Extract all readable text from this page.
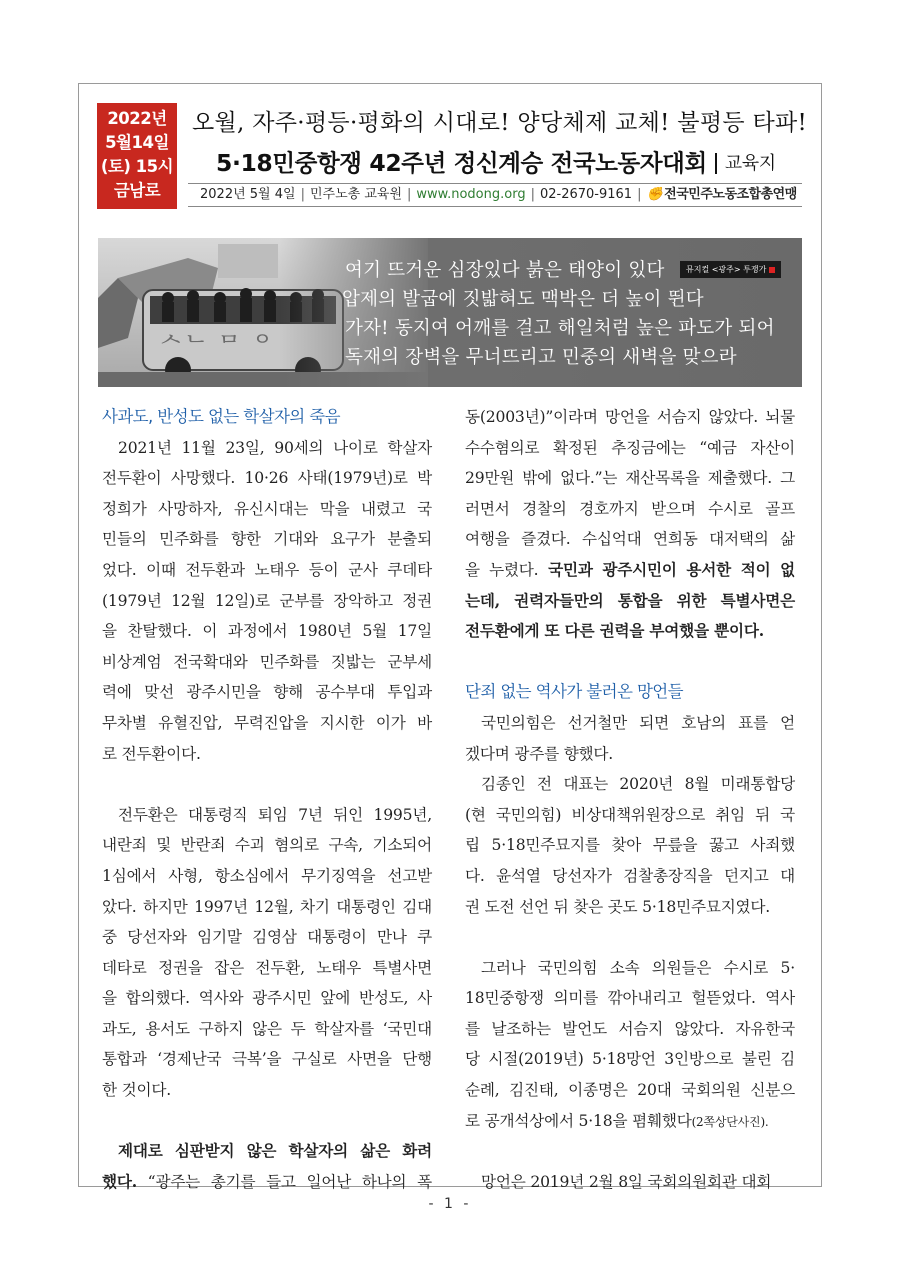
2022년
5월14일
(토) 15시
금남로
오월, 자주·평등·평화의 시대로! 양당체제 교체! 불평등 타파!
5·18민중항쟁 42주년 정신계승 전국노동자대회 교육지
2022년 5월 4일 | 민주노총 교육원 | www.nodong.org | 02-2670-9161 | ✊ 전국민주노동조합총연맹
여기 뜨거운 심장있다 붉은 태양이 있다
압제의 발굽에 짓밟혀도 맥박은 더 높이 뛴다
가자! 동지여 어깨를 걸고 해일처럼 높은 파도가 되어
독재의 장벽을 무너뜨리고 민중의 새벽을 맞으라
뮤지컬 <광주> 투쟁가
사과도, 반성도 없는 학살자의 죽음
2021년 11월 23일, 90세의 나이로 학살자
전두환이 사망했다. 10·26 사태(1979년)로 박
정희가 사망하자, 유신시대는 막을 내렸고 국
민들의 민주화를 향한 기대와 요구가 분출되
었다. 이때 전두환과 노태우 등이 군사 쿠데타
(1979년 12월 12일)로 군부를 장악하고 정권
을 찬탈했다. 이 과정에서 1980년 5월 17일
비상계엄 전국확대와 민주화를 짓밟는 군부세
력에 맞선 광주시민을 향해 공수부대 투입과
무차별 유혈진압, 무력진압을 지시한 이가 바
로 전두환이다.
전두환은 대통령직 퇴임 7년 뒤인 1995년,
내란죄 및 반란죄 수괴 혐의로 구속, 기소되어
1심에서 사형, 항소심에서 무기징역을 선고받
았다. 하지만 1997년 12월, 차기 대통령인 김대
중 당선자와 임기말 김영삼 대통령이 만나 쿠
데타로 정권을 잡은 전두환, 노태우 특별사면
을 합의했다. 역사와 광주시민 앞에 반성도, 사
과도, 용서도 구하지 않은 두 학살자를 ‘국민대
통합과 ‘경제난국 극복’을 구실로 사면을 단행
한 것이다.
제대로 심판받지 않은 학살자의 삶은 화려
했다. “광주는 총기를 들고 일어난 하나의 폭
동(2003년)”이라며 망언을 서슴지 않았다. 뇌물
수수혐의로 확정된 추징금에는 “예금 자산이
29만원 밖에 없다.”는 재산목록을 제출했다. 그
러면서 경찰의 경호까지 받으며 수시로 골프
여행을 즐겼다. 수십억대 연희동 대저택의 삶
을 누렸다. 국민과 광주시민이 용서한 적이 없
는데, 권력자들만의 통합을 위한 특별사면은
전두환에게 또 다른 권력을 부여했을 뿐이다.
단죄 없는 역사가 불러온 망언들
국민의힘은 선거철만 되면 호남의 표를 얻
겠다며 광주를 향했다.
김종인 전 대표는 2020년 8월 미래통합당
(현 국민의힘) 비상대책위원장으로 취임 뒤 국
립 5·18민주묘지를 찾아 무릎을 꿇고 사죄했
다. 윤석열 당선자가 검찰총장직을 던지고 대
권 도전 선언 뒤 찾은 곳도 5·18민주묘지였다.
그러나 국민의힘 소속 의원들은 수시로 5·
18민중항쟁 의미를 깎아내리고 헐뜯었다. 역사
를 날조하는 발언도 서슴지 않았다. 자유한국
당 시절(2019년) 5·18망언 3인방으로 불린 김
순례, 김진태, 이종명은 20대 국회의원 신분으
로 공개석상에서 5·18을 폄훼했다(2쪽상단사진).
망언은 2019년 2월 8일 국회의원회관 대회
- 1 -
